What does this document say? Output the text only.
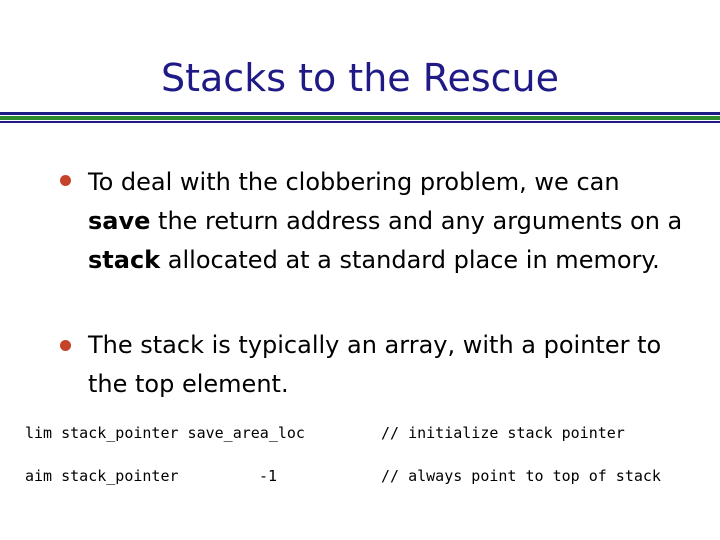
Stacks to the Rescue
To deal with the clobbering problem, we can save the return address and any arguments on a stack allocated at a standard place in memory.
The stack is typically an array, with a pointer to the top element.
lim stack_pointer save_area_loc	// initialize stack pointer
aim stack_pointer	-1	// always point to top of stack
